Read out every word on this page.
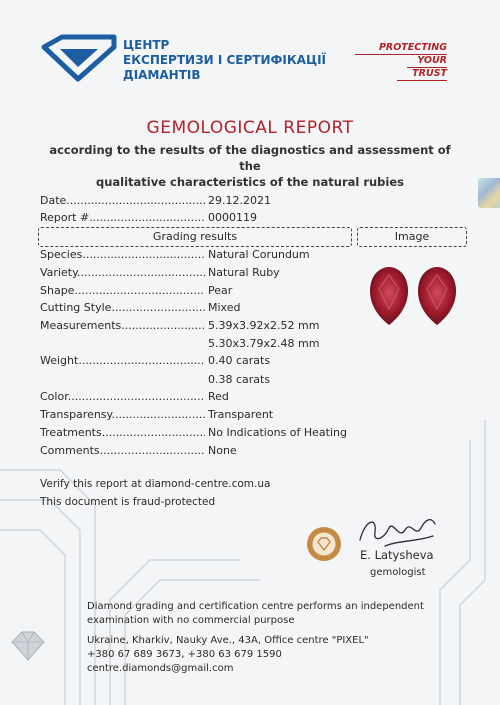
ЦЕНТР
ЕКСПЕРТИЗИ І СЕРТИФІКАЦІЇ
ДІАМАНТІВ
PROTECTING
YOUR
TRUST
GEMOLOGICAL REPORT
according to the results of the diagnostics and assessment of the
qualitative characteristics of the natural rubies
Date .....	29.12.2021
Report # .....	0000119
Grading results	Image
Species .....	Natural Corundum
Variety .....	Natural Ruby
Shape .....	Pear
Cutting Style .....	Mixed
Measurements .....	5.39x3.92x2.52 mm
5.30x3.79x2.48 mm
Weight .....	0.40 carats
0.38 carats
Color .....	Red
Transparensy .....	Transparent
Treatments .....	No Indications of Heating
Comments .....	None
Verify this report at diamond-centre.com.ua
This document is fraud-protected
E. Latysheva
gemologist
Diamond grading and certification centre performs an independent
examination with no commercial purpose
Ukraine, Kharkiv, Nauky Ave., 43A, Office centre "PIXEL"
+380 67 689 3673, +380 63 679 1590
centre.diamonds@gmail.com
